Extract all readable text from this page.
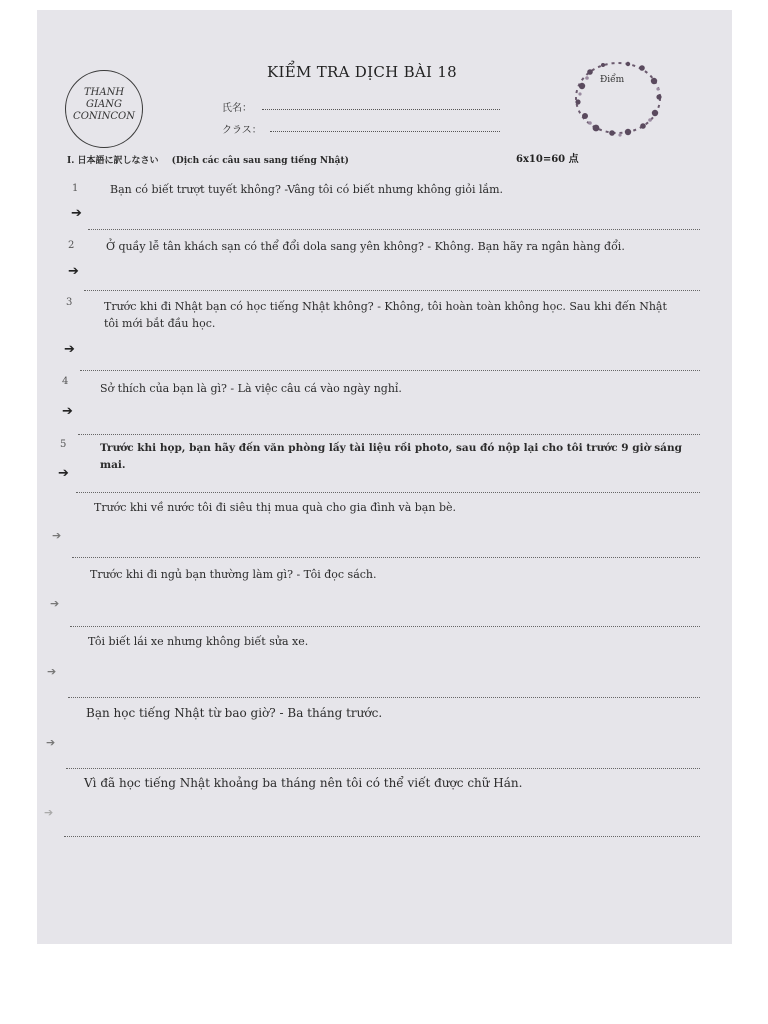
THANH
GIANG
CONINCON
KIỂM TRA DỊCH BÀI 18
氏名：
クラス：
Điểm
I. 日本語に訳しなさい (Dịch các câu sau sang tiếng Nhật)	6x10=60 点
1	Bạn có biết trượt tuyết không? -Vâng tôi có biết nhưng không giỏi lắm.
➔
2	Ở quầy lễ tân khách sạn có thể đổi dola sang yên không? - Không. Bạn hãy ra ngân hàng đổi.
➔
3	Trước khi đi Nhật bạn có học tiếng Nhật không? - Không, tôi hoàn toàn không học. Sau khi đến Nhật tôi mới bắt đầu học.
➔
4
Sở thích của bạn là gì? - Là việc câu cá vào ngày nghỉ.
➔
5	Trước khi họp, bạn hãy đến văn phòng lấy tài liệu rồi photo, sau đó nộp lại cho tôi trước 9 giờ sáng mai.
➔
Trước khi về nước tôi đi siêu thị mua quà cho gia đình và bạn bè.
➔
Trước khi đi ngủ bạn thường làm gì? - Tôi đọc sách.
➔
Tôi biết lái xe nhưng không biết sửa xe.
➔
Bạn học tiếng Nhật từ bao giờ? - Ba tháng trước.
➔
Vì đã học tiếng Nhật khoảng ba tháng nên tôi có thể viết được chữ Hán.
➔
